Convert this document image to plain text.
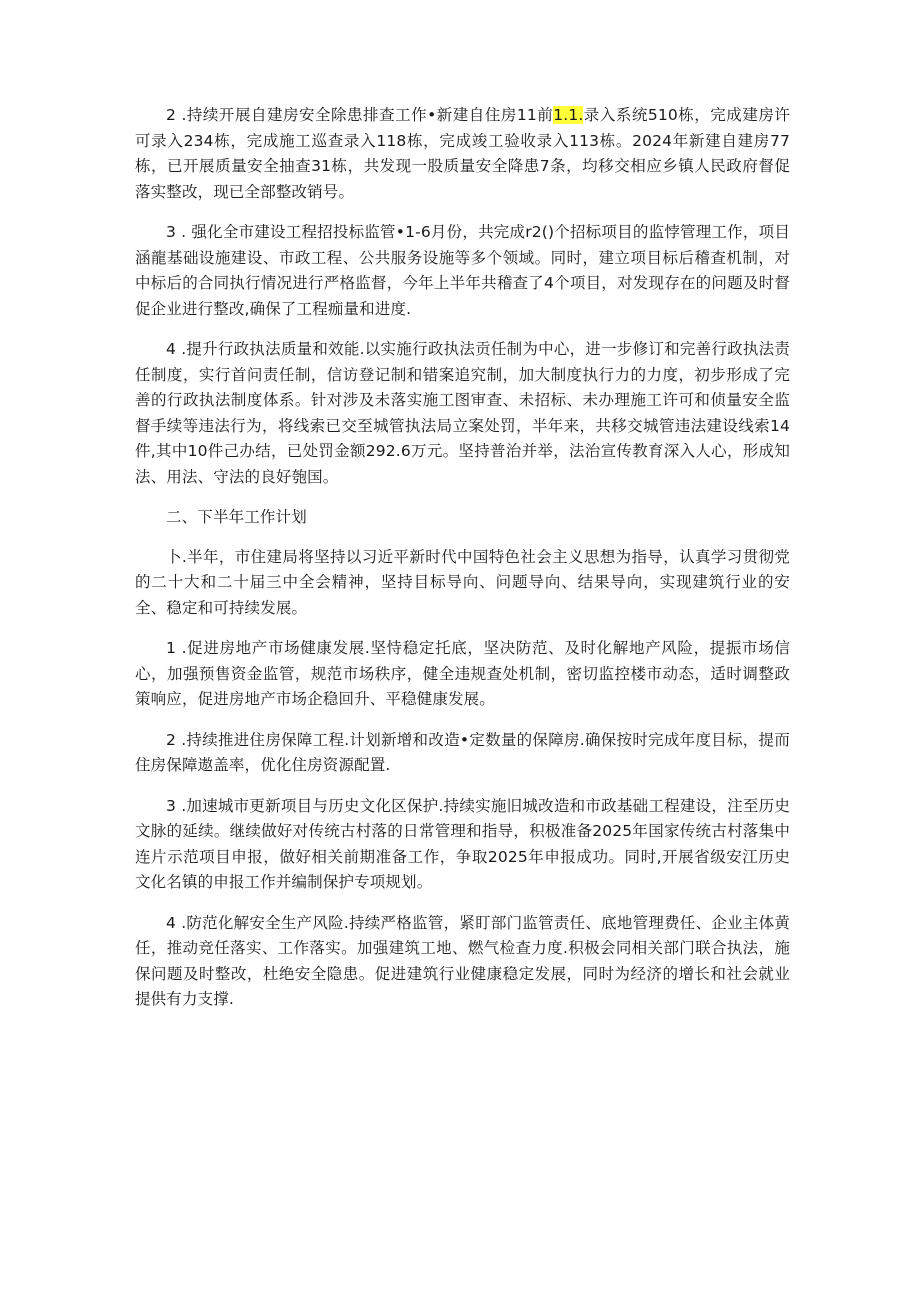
2 .持续开展自建房安全除患排查工作•新建自住房11前1.1.录入系统510栋，完成建房许可录入234栋，完成施工巡查录入118栋，完成竣工验收录入113栋。2024年新建自建房77栋，已开展质量安全抽查31栋，共发现一股质量安全降患7条，均移交相应乡镇人民政府督促落实整改，现已全部整改销号。

3 . 强化全市建设工程招投标监管•1-6月份，共完成r2()个招标项目的监悖管理工作，项目涵龍基础设施建设、市政工程、公共服务设施等多个领域。同时，建立项目标后稽查机制，对中标后的合同执行情况进行严格监督，今年上半年共稽查了4个项目，对发现存在的问题及时督促企业进行整改,确保了工程痂量和进度.

4 .提升行政执法质量和效能.以实施行政执法贡任制为中心，进一步修订和完善行政执法责任制度，实行首问责任制，信访登记制和错案追究制，加大制度执行力的力度，初步形成了完善的行政执法制度体系。针对涉及未落实施工图审查、未招标、未办理施工许可和侦量安全监督手续等违法行为，将线索已交至城管执法局立案处罚，半年来，共移交城管违法建设线索14件,其中10件己办结，已处罚金额292.6万元。坚持普治并举，法治宣传教育深入人心，形成知法、用法、守法的良好匏国。

二、下半年工作计划

卜.半年，市住建局将坚持以习近平新时代中国特色社会主义思想为指导，认真学习贯彻党的二十大和二十届三中全会精神，坚持目标导向、问题导向、结果导向，实现建筑行业的安全、稳定和可持续发展。

1 .促进房地产市场健康发展.坚恃稳定托底，坚决防范、及时化解地产风险，提振市场信心，加强预售资金监管，规范市场秩序，健全违规查处机制，密切监控楼市动态，适时调整政策响应，促进房地产市场企稳回升、平稳健康发展。

2 .持续推进住房保障工程.计划新增和改造•定数量的保障房.确保按时完成年度目标，提而住房保障遨盖率，优化住房资源配置.

3 .加速城市更新项目与历史文化区保护.持续实施旧城改造和市政基础工程建设，注至历史文脉的延续。继续做好对传统古村落的日常管理和指导，积极准备2025年国家传统古村落集中连片示范项目申报，做好相关前期准备工作，争取2025年申报成功。同时,开展省级安江历史文化名镇的申报工作并编制保护专项规划。

4 .防范化解安全生产风险.持续严格监管，紧盯部门监管责任、底地管理费任、企业主体黄任，推动竞任落实、工作落实。加强建筑工地、燃气检查力度.积极会同相关部门联合执法，施保问题及时整改，杜绝安全隐患。促进建筑行业健康稳定发展，同时为经济的增长和社会就业提供有力支撑.
